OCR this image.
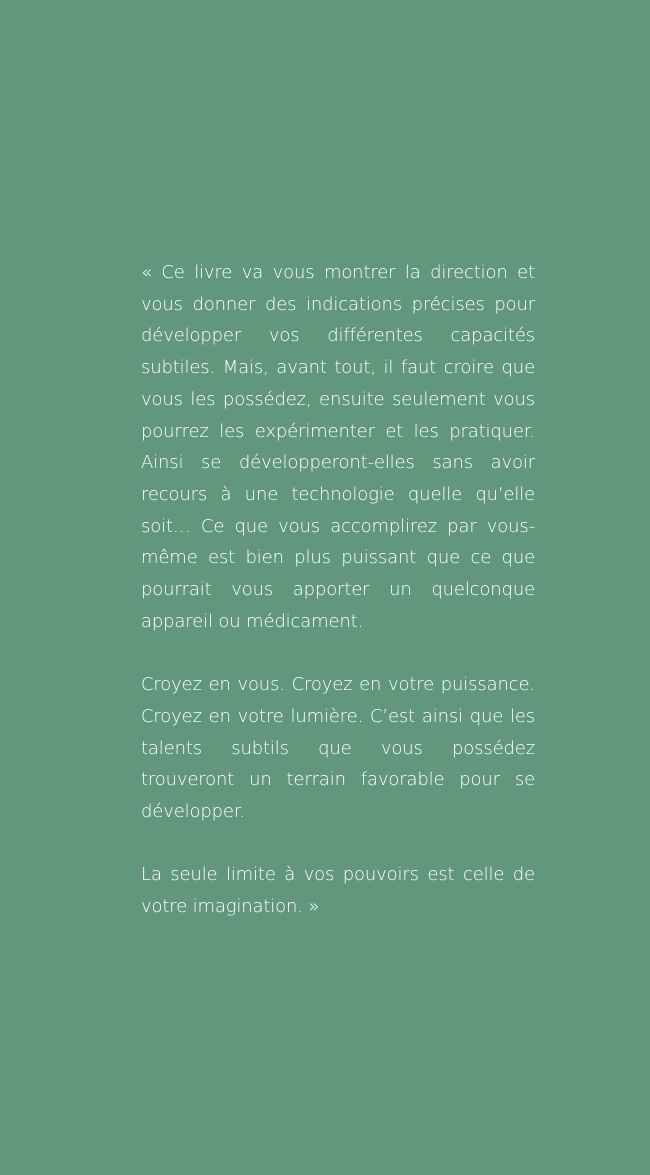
« Ce livre va vous montrer la direction et vous donner des indications précises pour développer vos différentes capacités subtiles. Mais, avant tout, il faut croire que vous les possédez, ensuite seulement vous pourrez les expérimenter et les pratiquer. Ainsi se développeront-elles sans avoir recours à une technologie quelle qu’elle soit… Ce que vous accomplirez par vous-même est bien plus puissant que ce que pourrait vous apporter un quelconque appareil ou médicament.

Croyez en vous. Croyez en votre puissance. Croyez en votre lumière. C’est ainsi que les talents subtils que vous possédez trouveront un terrain favorable pour se développer.

La seule limite à vos pouvoirs est celle de votre imagination. »
